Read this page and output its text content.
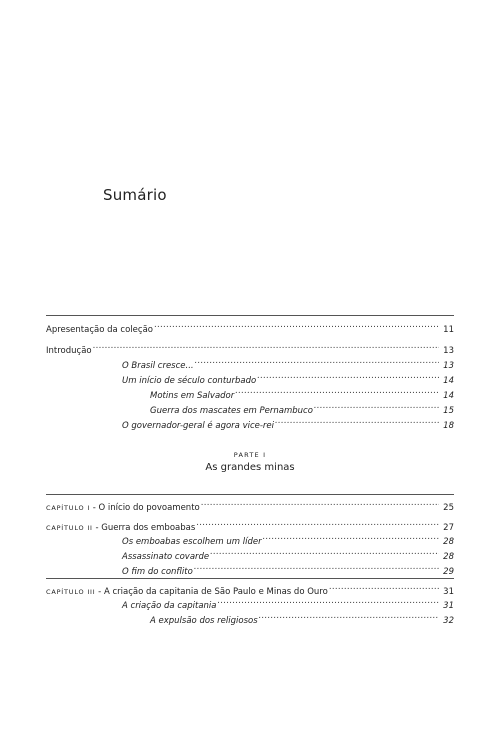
Sumário
Apresentação da coleção .....	11
Introdução .....	13
O Brasil cresce... .....	13
Um início de século conturbado .....	14
Motins em Salvador .....	14
Guerra dos mascates em Pernambuco .....	15
O governador-geral é agora vice-rei .....	18
PARTE I
As grandes minas
CAPÍTULO I - O início do povoamento .....	25
CAPÍTULO II - Guerra dos emboabas .....	27
Os emboabas escolhem um líder .....	28
Assassinato covarde .....	28
O fim do conflito .....	29
CAPÍTULO III - A criação da capitania de São Paulo e Minas do Ouro .....	31
A criação da capitania .....	31
A expulsão dos religiosos .....	32
